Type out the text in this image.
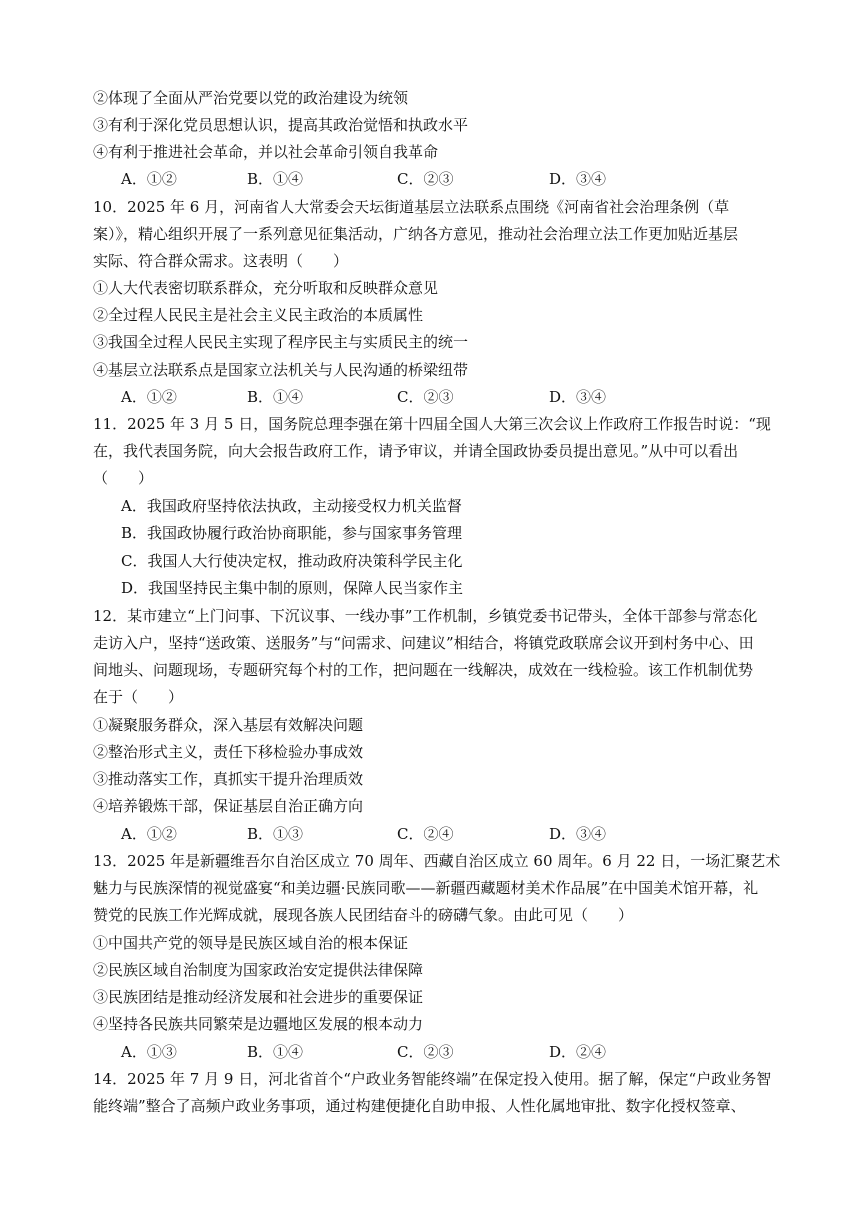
②体现了全面从严治党要以党的政治建设为统领
③有利于深化党员思想认识，提高其政治觉悟和执政水平
④有利于推进社会革命，并以社会革命引领自我革命
A．①②	B．①④	C．②③	D．③④
10．2025 年 6 月，河南省人大常委会天坛街道基层立法联系点围绕《河南省社会治理条例（草
案）》，精心组织开展了一系列意见征集活动，广纳各方意见，推动社会治理立法工作更加贴近基层
实际、符合群众需求。这表明（　　）
①人大代表密切联系群众，充分听取和反映群众意见
②全过程人民民主是社会主义民主政治的本质属性
③我国全过程人民民主实现了程序民主与实质民主的统一
④基层立法联系点是国家立法机关与人民沟通的桥梁纽带
A．①②	B．①④	C．②③	D．③④
11．2025 年 3 月 5 日，国务院总理李强在第十四届全国人大第三次会议上作政府工作报告时说：“现
在，我代表国务院，向大会报告政府工作，请予审议，并请全国政协委员提出意见。”从中可以看出
（　　）
A．我国政府坚持依法执政，主动接受权力机关监督
B．我国政协履行政治协商职能，参与国家事务管理
C．我国人大行使决定权，推动政府决策科学民主化
D．我国坚持民主集中制的原则，保障人民当家作主
12．某市建立“上门问事、下沉议事、一线办事”工作机制，乡镇党委书记带头，全体干部参与常态化
走访入户，坚持“送政策、送服务”与“问需求、问建议”相结合，将镇党政联席会议开到村务中心、田
间地头、问题现场，专题研究每个村的工作，把问题在一线解决，成效在一线检验。该工作机制优势
在于（　　）
①凝聚服务群众，深入基层有效解决问题
②整治形式主义，责任下移检验办事成效
③推动落实工作，真抓实干提升治理质效
④培养锻炼干部，保证基层自治正确方向
A．①②	B．①③	C．②④	D．③④
13．2025 年是新疆维吾尔自治区成立 70 周年、西藏自治区成立 60 周年。6 月 22 日，一场汇聚艺术
魅力与民族深情的视觉盛宴“和美边疆·民族同歌——新疆西藏题材美术作品展”在中国美术馆开幕，礼
赞党的民族工作光辉成就，展现各族人民团结奋斗的磅礴气象。由此可见（　　）
①中国共产党的领导是民族区域自治的根本保证
②民族区域自治制度为国家政治安定提供法律保障
③民族团结是推动经济发展和社会进步的重要保证
④坚持各民族共同繁荣是边疆地区发展的根本动力
A．①③	B．①④	C．②③	D．②④
14．2025 年 7 月 9 日，河北省首个“户政业务智能终端”在保定投入使用。据了解，保定“户政业务智
能终端”整合了高频户政业务事项，通过构建便捷化自助申报、人性化属地审批、数字化授权签章、
